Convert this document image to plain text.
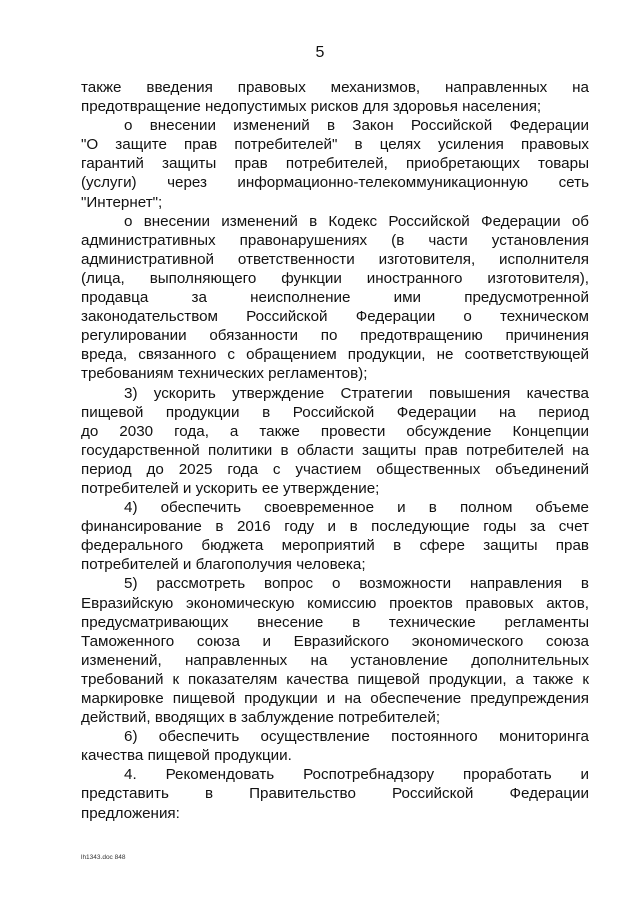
5
также введения правовых механизмов, направленных на
предотвращение недопустимых рисков для здоровья населения;
о внесении изменений в Закон Российской Федерации
"О защите прав потребителей" в целях усиления правовых
гарантий защиты прав потребителей, приобретающих товары
(услуги) через информационно-телекоммуникационную сеть
"Интернет";
о внесении изменений в Кодекс Российской Федерации об
административных правонарушениях (в части установления
административной ответственности изготовителя, исполнителя
(лица, выполняющего функции иностранного изготовителя),
продавца за неисполнение ими предусмотренной
законодательством Российской Федерации о техническом
регулировании обязанности по предотвращению причинения
вреда, связанного с обращением продукции, не соответствующей
требованиям технических регламентов);
3) ускорить утверждение Стратегии повышения качества
пищевой продукции в Российской Федерации на период
до 2030 года, а также провести обсуждение Концепции
государственной политики в области защиты прав потребителей на
период до 2025 года с участием общественных объединений
потребителей и ускорить ее утверждение;
4) обеспечить своевременное и в полном объеме
финансирование в 2016 году и в последующие годы за счет
федерального бюджета мероприятий в сфере защиты прав
потребителей и благополучия человека;
5) рассмотреть вопрос о возможности направления в
Евразийскую экономическую комиссию проектов правовых актов,
предусматривающих внесение в технические регламенты
Таможенного союза и Евразийского экономического союза
изменений, направленных на установление дополнительных
требований к показателям качества пищевой продукции, а также к
маркировке пищевой продукции и на обеспечение предупреждения
действий, вводящих в заблуждение потребителей;
6) обеспечить осуществление постоянного мониторинга
качества пищевой продукции.
4. Рекомендовать Роспотребнадзору проработать и
представить в Правительство Российской Федерации
предложения:
lh1343.doc 848
